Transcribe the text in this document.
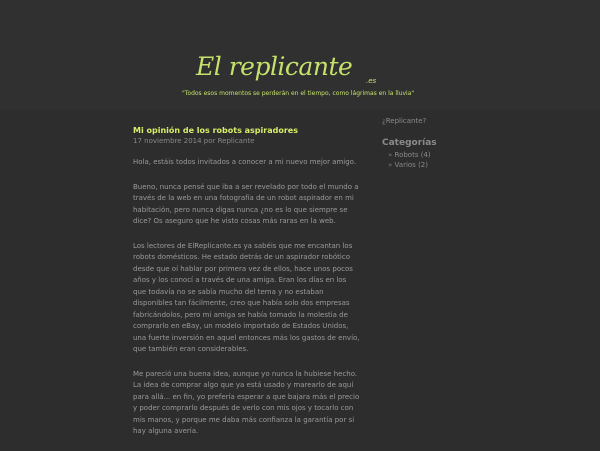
El replicante .es
"Todos esos momentos se perderán en el tiempo, como lágrimas en la lluvia"
Mi opinión de los robots aspiradores
17 noviembre 2014 por Replicante

Hola, estáis todos invitados a conocer a mi nuevo mejor amigo.

Bueno, nunca pensé que iba a ser revelado por todo el mundo a través de la web en una fotografía de un robot aspirador en mi habitación, pero nunca digas nunca ¿no es lo que siempre se dice? Os aseguro que he visto cosas más raras en la web.

Los lectores de ElReplicante.es ya sabéis que me encantan los robots domésticos. He estado detrás de un aspirador robótico desde que oí hablar por primera vez de ellos, hace unos pocos años y los conocí a través de una amiga. Eran los días en los que todavía no se sabía mucho del tema y no estaban disponibles tan fácilmente, creo que había solo dos empresas fabricándolos, pero mi amiga se había tomado la molestia de comprarlo en eBay, un modelo importado de Estados Unidos, una fuerte inversión en aquel entonces más los gastos de envío, que también eran considerables.

Me pareció una buena idea, aunque yo nunca la hubiese hecho. La idea de comprar algo que ya está usado y marearlo de aquí para allá... en fin, yo prefería esperar a que bajara más el precio y poder comprarlo después de verlo con mis ojos y tocarlo con mis manos, y porque me daba más confianza la garantía por si hay alguna avería.

¿Replicante?
Categorías
» Robots (4)
» Varios (2)
